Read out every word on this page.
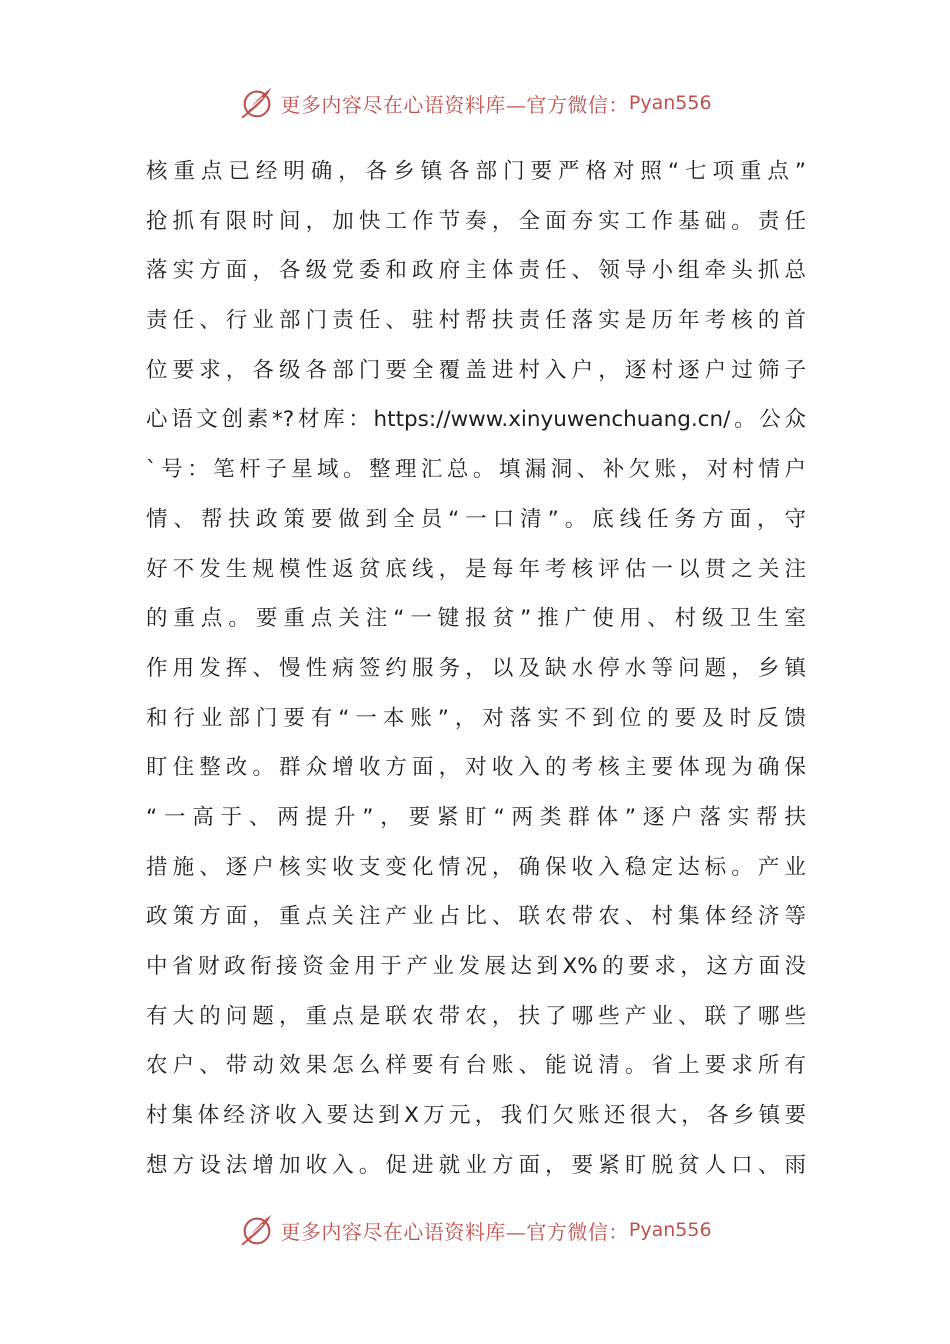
更多内容尽在心语资料库—官方微信： Pyan556
核重点已经明确，各乡镇各部门要严格对照“七项重点”
抢抓有限时间，加快工作节奏，全面夯实工作基础。责任
落实方面，各级党委和政府主体责任、领导小组牵头抓总
责任、行业部门责任、驻村帮扶责任落实是历年考核的首
位要求，各级各部门要全覆盖进村入户，逐村逐户过筛子
心语文创素*?材库：https://www.xinyuwenchuang.cn/。公众
`号：笔杆子星域。整理汇总。填漏洞、补欠账，对村情户
情、帮扶政策要做到全员“一口清”。底线任务方面，守
好不发生规模性返贫底线，是每年考核评估一以贯之关注
的重点。要重点关注“一键报贫”推广使用、村级卫生室
作用发挥、慢性病签约服务，以及缺水停水等问题，乡镇
和行业部门要有“一本账”，对落实不到位的要及时反馈
盯住整改。群众增收方面，对收入的考核主要体现为确保
“一高于、两提升”，要紧盯“两类群体”逐户落实帮扶
措施、逐户核实收支变化情况，确保收入稳定达标。产业
政策方面，重点关注产业占比、联农带农、村集体经济等
中省财政衔接资金用于产业发展达到X%的要求，这方面没
有大的问题，重点是联农带农，扶了哪些产业、联了哪些
农户、带动效果怎么样要有台账、能说清。省上要求所有
村集体经济收入要达到X万元，我们欠账还很大，各乡镇要
想方设法增加收入。促进就业方面，要紧盯脱贫人口、雨
更多内容尽在心语资料库—官方微信： Pyan556
